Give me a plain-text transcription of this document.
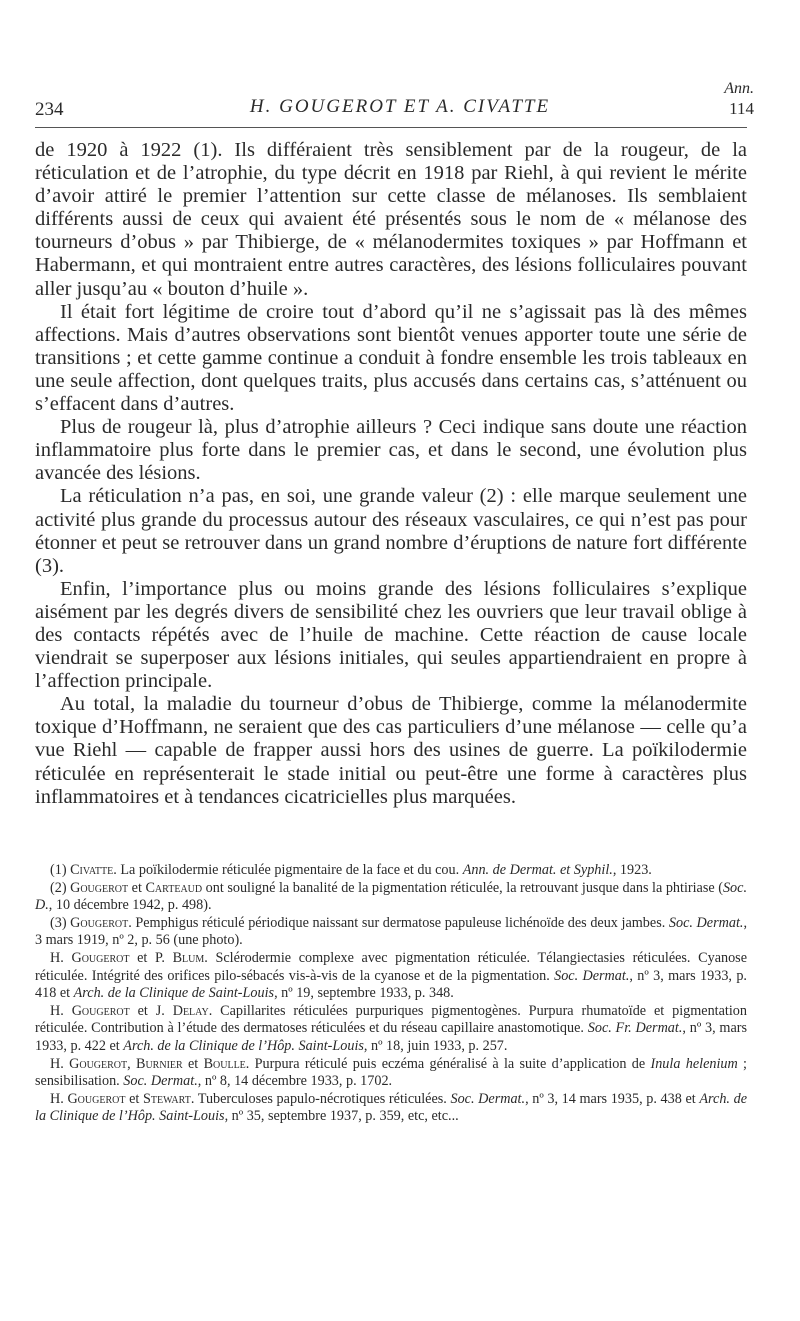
234	H. GOUGEROT ET A. CIVATTE
Ann.
114

de 1920 à 1922 (1). Ils différaient très sensiblement par de la rougeur, de la réticulation et de l’atrophie, du type décrit en 1918 par Riehl, à qui revient le mérite d’avoir attiré le premier l’attention sur cette classe de mélanoses. Ils semblaient différents aussi de ceux qui avaient été présentés sous le nom de « mélanose des tourneurs d’obus » par Thibierge, de « mélanodermites toxiques » par Hoffmann et Habermann, et qui montraient entre autres caractères, des lésions folliculaires pouvant aller jusqu’au « bouton d’huile ».

Il était fort légitime de croire tout d’abord qu’il ne s’agissait pas là des mêmes affections. Mais d’autres observations sont bientôt venues apporter toute une série de transitions ; et cette gamme continue a conduit à fondre ensemble les trois tableaux en une seule affection, dont quelques traits, plus accusés dans certains cas, s’atténuent ou s’effacent dans d’autres.

Plus de rougeur là, plus d’atrophie ailleurs ? Ceci indique sans doute une réaction inflammatoire plus forte dans le premier cas, et dans le second, une évolution plus avancée des lésions.

La réticulation n’a pas, en soi, une grande valeur (2) : elle marque seulement une activité plus grande du processus autour des réseaux vasculaires, ce qui n’est pas pour étonner et peut se retrouver dans un grand nombre d’éruptions de nature fort différente (3).

Enfin, l’importance plus ou moins grande des lésions folliculaires s’explique aisément par les degrés divers de sensibilité chez les ouvriers que leur travail oblige à des contacts répétés avec de l’huile de machine. Cette réaction de cause locale viendrait se superposer aux lésions initiales, qui seules appartiendraient en propre à l’affection principale.

Au total, la maladie du tourneur d’obus de Thibierge, comme la mélanodermite toxique d’Hoffmann, ne seraient que des cas particuliers d’une mélanose — celle qu’a vue Riehl — capable de frapper aussi hors des usines de guerre. La poïkilodermie réticulée en représenterait le stade initial ou peut-être une forme à caractères plus inflammatoires et à tendances cicatricielles plus marquées.

(1) Civatte. La poïkilodermie réticulée pigmentaire de la face et du cou. Ann. de Dermat. et Syphil., 1923.

(2) Gougerot et Carteaud ont souligné la banalité de la pigmentation réticulée, la retrouvant jusque dans la phtiriase (Soc. D., 10 décembre 1942, p. 498).

(3) Gougerot. Pemphigus réticulé périodique naissant sur dermatose papuleuse lichénoïde des deux jambes. Soc. Dermat., 3 mars 1919, nº 2, p. 56 (une photo).

H. Gougerot et P. Blum. Sclérodermie complexe avec pigmentation réticulée. Télangiectasies réticulées. Cyanose réticulée. Intégrité des orifices pilo-sébacés vis-à-vis de la cyanose et de la pigmentation. Soc. Dermat., nº 3, mars 1933, p. 418 et Arch. de la Clinique de Saint-Louis, nº 19, septembre 1933, p. 348.

H. Gougerot et J. Delay. Capillarites réticulées purpuriques pigmentogènes. Purpura rhumatoïde et pigmentation réticulée. Contribution à l’étude des dermatoses réticulées et du réseau capillaire anastomotique. Soc. Fr. Dermat., nº 3, mars 1933, p. 422 et Arch. de la Clinique de l’Hôp. Saint-Louis, nº 18, juin 1933, p. 257.

H. Gougerot, Burnier et Boulle. Purpura réticulé puis eczéma généralisé à la suite d’application de Inula helenium ; sensibilisation. Soc. Dermat., nº 8, 14 décembre 1933, p. 1702.

H. Gougerot et Stewart. Tuberculoses papulo-nécrotiques réticulées. Soc. Dermat., nº 3, 14 mars 1935, p. 438 et Arch. de la Clinique de l’Hôp. Saint-Louis, nº 35, septembre 1937, p. 359, etc, etc...
